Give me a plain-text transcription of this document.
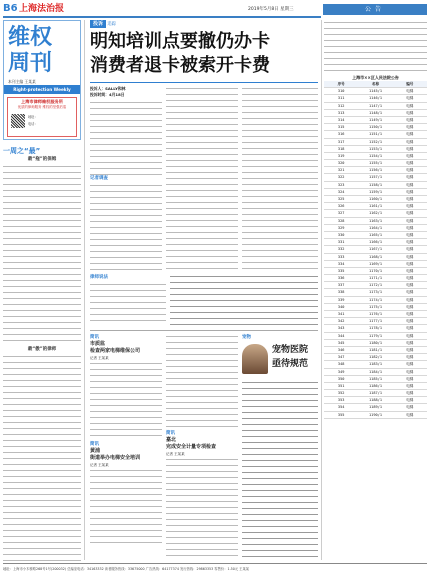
B6 上海法治报	2019年5月8日 星期三	公告
维权
周刊
本刊主编 王某某
Right-protection Weekly
上海市律师维权服务所
优质的律师服务 维权的坚强后盾
地址：
电话：
一周之“最”
最“拖”的保姆
最“傲”的律师
投诉 追踪
明知培训点要撤仍办卡
消费者退卡被索开卡费
投诉人：SALLY和林
投诉时间：4月18日
记者调查
律师说法
简讯
市质监
检查两家电梯维保公司
记者 王某某
简讯
黄浦
街道举办电梯安全培训
记者 王某某
简讯
嘉北
完成安全计量专项检查
记者 王某某
宠物
宠物医院
亟待规范
上海市××区人民法院公告
序号	名称	编号
310	1145/1	电梯
311	1146/1	电梯
312	1147/1	电梯
313	1148/1	电梯
314	1149/1	电梯
315	1150/1	电梯
316	1151/1	电梯
317	1152/1	电梯
318	1153/1	电梯
319	1154/1	电梯
320	1155/1	电梯
321	1156/1	电梯
322	1157/1	电梯
323	1158/1	电梯
324	1159/1	电梯
325	1160/1	电梯
326	1161/1	电梯
327	1162/1	电梯
328	1163/1	电梯
329	1164/1	电梯
330	1165/1	电梯
331	1166/1	电梯
332	1167/1	电梯
333	1168/1	电梯
334	1169/1	电梯
335	1170/1	电梯
336	1171/1	电梯
337	1172/1	电梯
338	1173/1	电梯
339	1174/1	电梯
340	1175/1	电梯
341	1176/1	电梯
342	1177/1	电梯
343	1178/1	电梯
344	1179/1	电梯
345	1180/1	电梯
346	1181/1	电梯
347	1182/1	电梯
348	1183/1	电梯
349	1184/1	电梯
350	1185/1	电梯
351	1186/1	电梯
352	1187/1	电梯
353	1188/1	电梯
354	1189/1	电梯
355	1190/1	电梯
地址：上海市小木桥路268号1号(200032) 总编室电话：34163332 读者服务热线：33675000 广告热线：64177374 发行热线：29863353 零售价：1.50元 王某某
